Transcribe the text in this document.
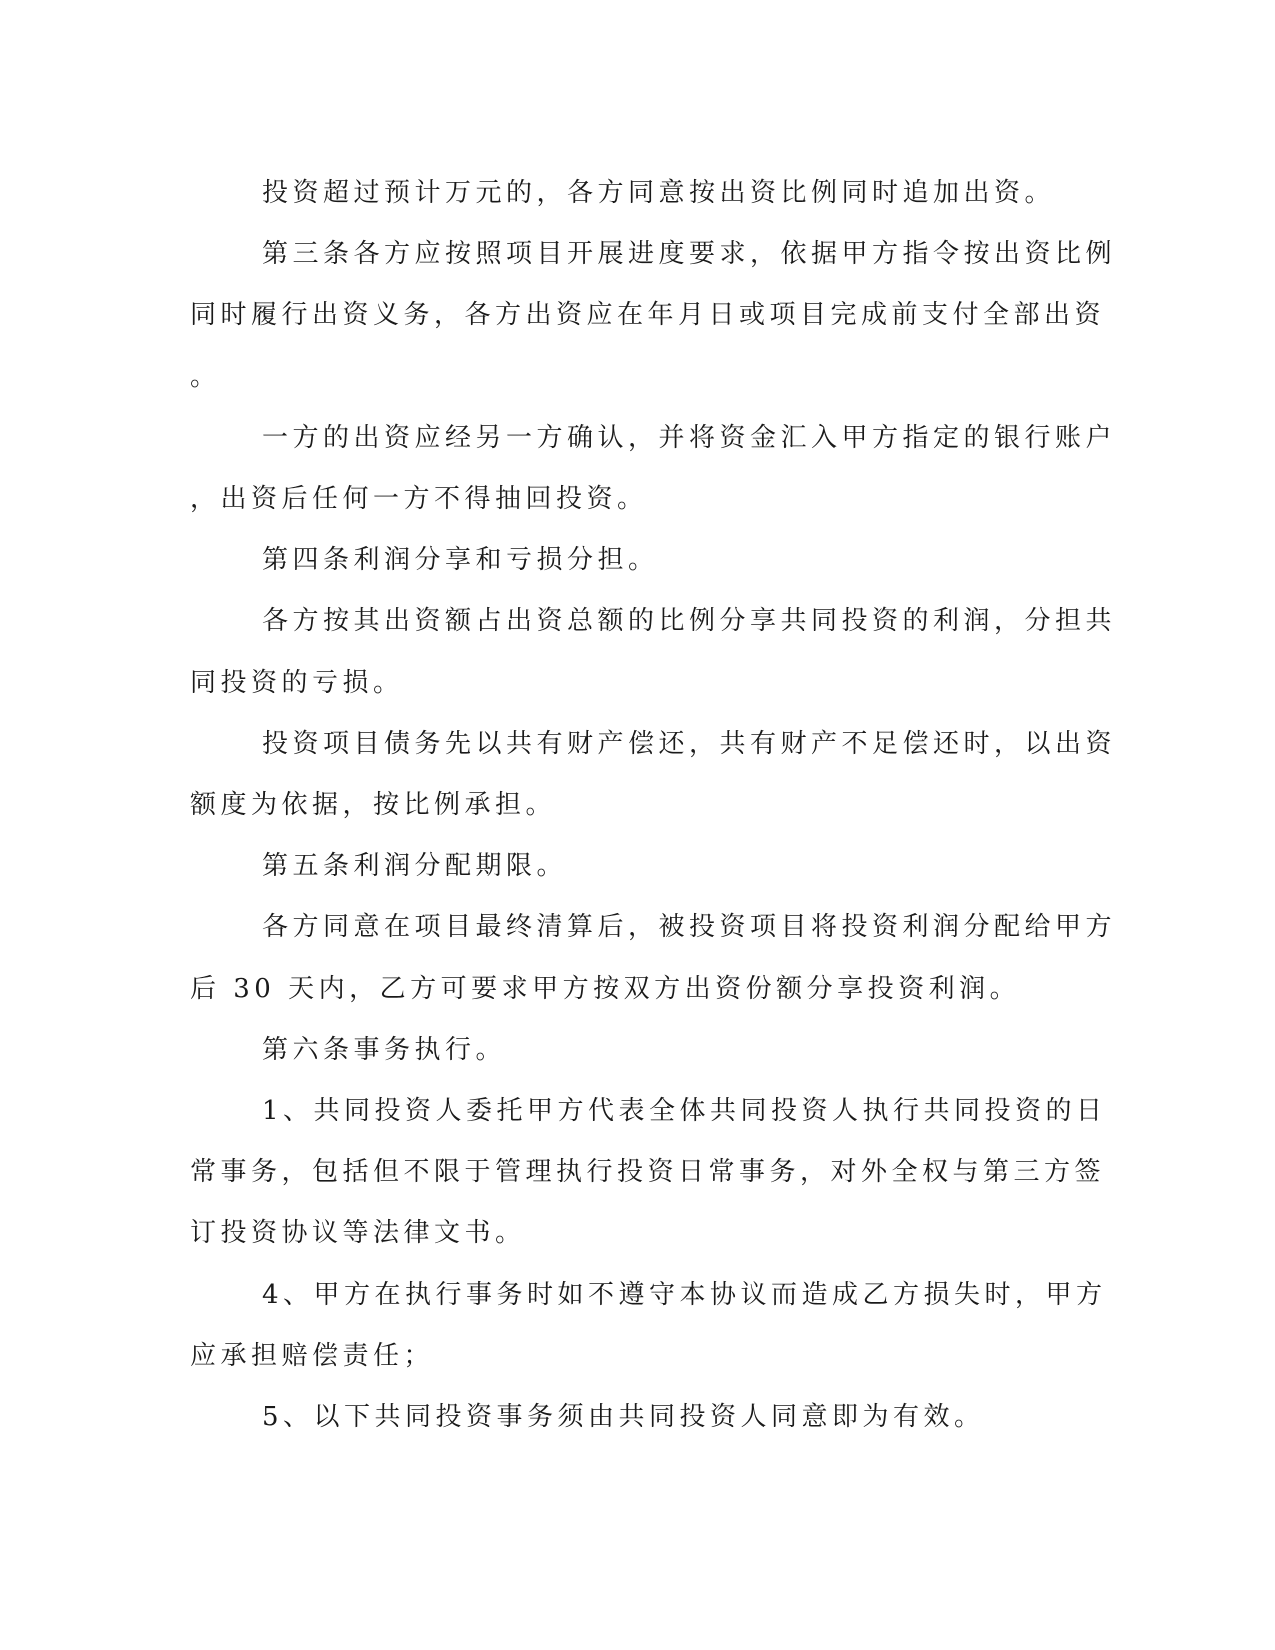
投资超过预计万元的，各方同意按出资比例同时追加出资。

第三条各方应按照项目开展进度要求，依据甲方指令按出资比例

同时履行出资义务，各方出资应在年月日或项目完成前支付全部出资

。

一方的出资应经另一方确认，并将资金汇入甲方指定的银行账户

，出资后任何一方不得抽回投资。

第四条利润分享和亏损分担。

各方按其出资额占出资总额的比例分享共同投资的利润，分担共

同投资的亏损。

投资项目债务先以共有财产偿还，共有财产不足偿还时，以出资

额度为依据，按比例承担。

第五条利润分配期限。

各方同意在项目最终清算后，被投资项目将投资利润分配给甲方

后 30 天内，乙方可要求甲方按双方出资份额分享投资利润。

第六条事务执行。

1、共同投资人委托甲方代表全体共同投资人执行共同投资的日

常事务，包括但不限于管理执行投资日常事务，对外全权与第三方签

订投资协议等法律文书。

4、甲方在执行事务时如不遵守本协议而造成乙方损失时，甲方

应承担赔偿责任；

5、以下共同投资事务须由共同投资人同意即为有效。
